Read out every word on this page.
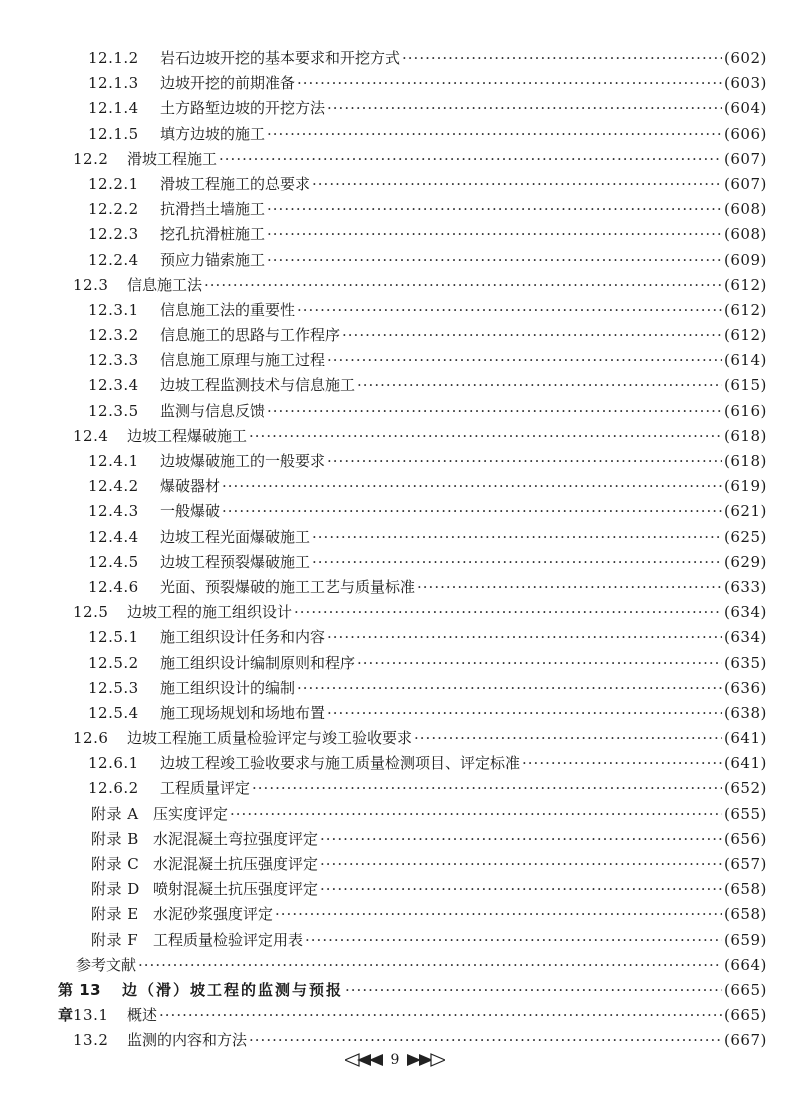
12.1.2	岩石边坡开挖的基本要求和开挖方式 ·····	(602)
12.1.3	边坡开挖的前期准备 ·····	(603)
12.1.4	土方路堑边坡的开挖方法 ·····	(604)
12.1.5	填方边坡的施工 ·····	(606)
12.2	滑坡工程施工 ·····	(607)
12.2.1	滑坡工程施工的总要求 ·····	(607)
12.2.2	抗滑挡土墙施工 ·····	(608)
12.2.3	挖孔抗滑桩施工 ·····	(608)
12.2.4	预应力锚索施工 ·····	(609)
12.3	信息施工法 ·····	(612)
12.3.1	信息施工法的重要性 ·····	(612)
12.3.2	信息施工的思路与工作程序 ·····	(612)
12.3.3	信息施工原理与施工过程 ·····	(614)
12.3.4	边坡工程监测技术与信息施工 ·····	(615)
12.3.5	监测与信息反馈 ·····	(616)
12.4	边坡工程爆破施工 ·····	(618)
12.4.1	边坡爆破施工的一般要求 ·····	(618)
12.4.2	爆破器材 ·····	(619)
12.4.3	一般爆破 ·····	(621)
12.4.4	边坡工程光面爆破施工 ·····	(625)
12.4.5	边坡工程预裂爆破施工 ·····	(629)
12.4.6	光面、预裂爆破的施工工艺与质量标准 ·····	(633)
12.5	边坡工程的施工组织设计 ·····	(634)
12.5.1	施工组织设计任务和内容 ·····	(634)
12.5.2	施工组织设计编制原则和程序 ·····	(635)
12.5.3	施工组织设计的编制 ·····	(636)
12.5.4	施工现场规划和场地布置 ·····	(638)
12.6	边坡工程施工质量检验评定与竣工验收要求 ·····	(641)
12.6.1	边坡工程竣工验收要求与施工质量检测项目、评定标准 ·····	(641)
12.6.2	工程质量评定 ·····	(652)
附录 A 压实度评定 ·····	(655)
附录 B 水泥混凝土弯拉强度评定 ·····	(656)
附录 C 水泥混凝土抗压强度评定 ·····	(657)
附录 D 喷射混凝土抗压强度评定 ·····	(658)
附录 E 水泥砂浆强度评定 ·····	(658)
附录 F 工程质量检验评定用表 ·····	(659)
参考文献 ·····	(664)
第 13 章
边（滑）坡工程的监测与预报 ·····	(665)
13.1	概述 ·····	(665)
13.2	监测的内容和方法 ·····	(667)
9
